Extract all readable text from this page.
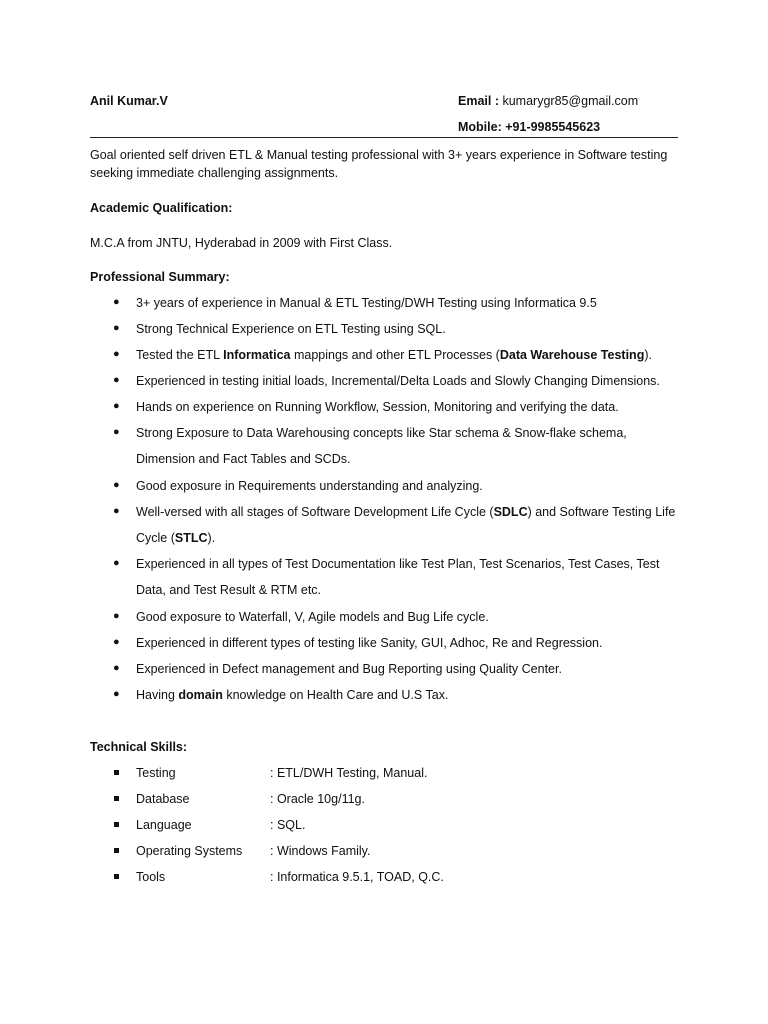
Anil Kumar.V	Email : kumarygr85@gmail.com
Mobile: +91-9985545623
Goal oriented self driven ETL & Manual testing professional with 3+ years experience in Software testing
seeking immediate challenging assignments.
Academic Qualification:
M.C.A from JNTU, Hyderabad in 2009 with First Class.
Professional Summary:
● 3+ years of experience in Manual & ETL Testing/DWH Testing using Informatica 9.5
● Strong Technical Experience on ETL Testing using SQL.
● Tested the ETL Informatica mappings and other ETL Processes (Data Warehouse Testing).
● Experienced in testing initial loads, Incremental/Delta Loads and Slowly Changing Dimensions.
● Hands on experience on Running Workflow, Session, Monitoring and verifying the data.
● Strong Exposure to Data Warehousing concepts like Star schema & Snow-flake schema, Dimension and Fact Tables and SCDs.
● Good exposure in Requirements understanding and analyzing.
● Well-versed with all stages of Software Development Life Cycle (SDLC) and Software Testing Life Cycle (STLC).
● Experienced in all types of Test Documentation like Test Plan, Test Scenarios, Test Cases, Test Data, and Test Result & RTM etc.
● Good exposure to Waterfall, V, Agile models and Bug Life cycle.
● Experienced in different types of testing like Sanity, GUI, Adhoc, Re and Regression.
● Experienced in Defect management and Bug Reporting using Quality Center.
● Having domain knowledge on Health Care and U.S Tax.
Technical Skills:
Testing	: ETL/DWH Testing, Manual.
Database	: Oracle 10g/11g.
Language	: SQL.
Operating Systems : Windows Family.
Tools	: Informatica 9.5.1, TOAD, Q.C.
